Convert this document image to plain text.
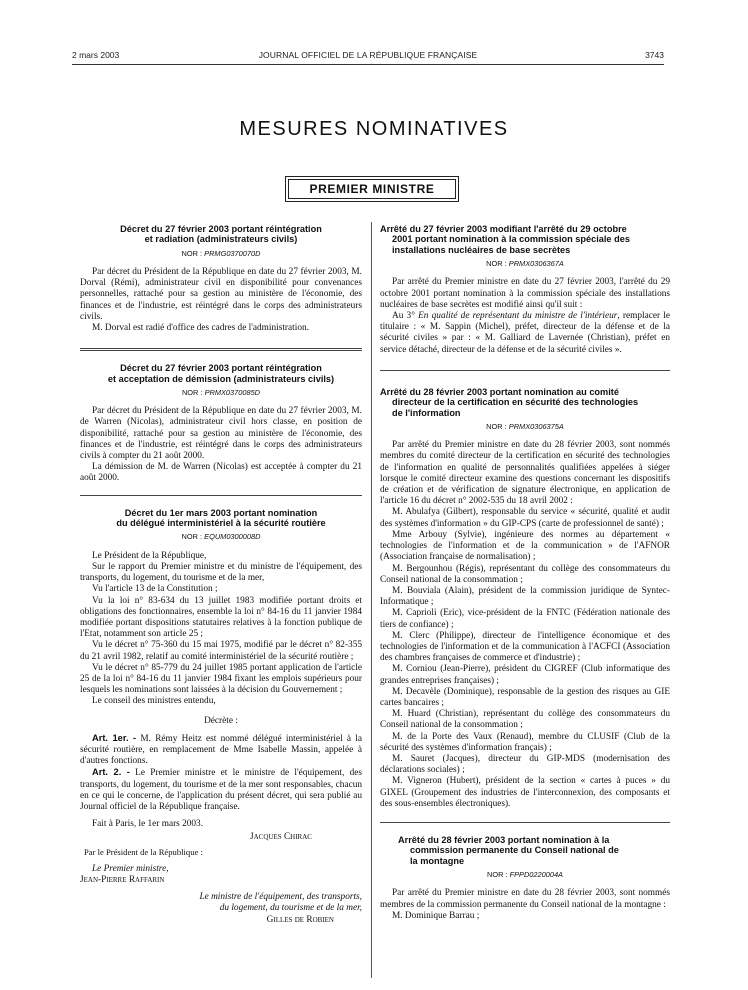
2 mars 2003	JOURNAL OFFICIEL DE LA RÉPUBLIQUE FRANÇAISE	3743
MESURES NOMINATIVES
PREMIER MINISTRE
Décret du 27 février 2003 portant réintégration
et radiation (administrateurs civils)
NOR : PRMG0370070D

Par décret du Président de la République en date du 27 février 2003, M. Dorval (Rémi), administrateur civil en disponibilité pour convenances personnelles, rattaché pour sa gestion au ministère de l'économie, des finances et de l'industrie, est réintégré dans le corps des administrateurs civils.

M. Dorval est radié d'office des cadres de l'administration.

Décret du 27 février 2003 portant réintégration
et acceptation de démission (administrateurs civils)
NOR : PRMX0370085D

Par décret du Président de la République en date du 27 février 2003, M. de Warren (Nicolas), administrateur civil hors classe, en position de disponibilité, rattaché pour sa gestion au ministère de l'économie, des finances et de l'industrie, est réintégré dans le corps des administrateurs civils à compter du 21 août 2000.

La démission de M. de Warren (Nicolas) est acceptée à compter du 21 août 2000.

Décret du 1er mars 2003 portant nomination
du délégué interministériel à la sécurité routière
NOR : EQUM0300008D

Le Président de la République,

Sur le rapport du Premier ministre et du ministre de l'équipement, des transports, du logement, du tourisme et de la mer,

Vu l'article 13 de la Constitution ;

Vu la loi n° 83-634 du 13 juillet 1983 modifiée portant droits et obligations des fonctionnaires, ensemble la loi n° 84-16 du 11 janvier 1984 modifiée portant dispositions statutaires relatives à la fonction publique de l'Etat, notamment son article 25 ;

Vu le décret n° 75-360 du 15 mai 1975, modifié par le décret n° 82-355 du 21 avril 1982, relatif au comité interministériel de la sécurité routière ;

Vu le décret n° 85-779 du 24 juillet 1985 portant application de l'article 25 de la loi n° 84-16 du 11 janvier 1984 fixant les emplois supérieurs pour lesquels les nominations sont laissées à la décision du Gouvernement ;

Le conseil des ministres entendu,

Décrète :

Art. 1er. - M. Rémy Heitz est nommé délégué interministériel à la sécurité routière, en remplacement de Mme Isabelle Massin, appelée à d'autres fonctions.

Art. 2. - Le Premier ministre et le ministre de l'équipement, des transports, du logement, du tourisme et de la mer sont responsables, chacun en ce qui le concerne, de l'application du présent décret, qui sera publié au Journal officiel de la République française.

Fait à Paris, le 1er mars 2003.

Jacques Chirac

Par le Président de la République :

Le Premier ministre,

Jean-Pierre Raffarin

Le ministre de l'équipement, des transports,

du logement, du tourisme et de la mer,

Gilles de Robien

Arrêté du 27 février 2003 modifiant l'arrêté du 29 octobre
2001 portant nomination à la commission spéciale des
installations nucléaires de base secrètes
NOR : PRMX0306367A

Par arrêté du Premier ministre en date du 27 février 2003, l'arrêté du 29 octobre 2001 portant nomination à la commission spéciale des installations nucléaires de base secrètes est modifié ainsi qu'il suit :

Au 3° En qualité de représentant du ministre de l'intérieur, remplacer le titulaire : « M. Sappin (Michel), préfet, directeur de la défense et de la sécurité civiles » par : « M. Galliard de Lavernée (Christian), préfet en service détaché, directeur de la défense et de la sécurité civiles ».

Arrêté du 28 février 2003 portant nomination au comité
directeur de la certification en sécurité des technologies
de l'information
NOR : PRMX0306375A

Par arrêté du Premier ministre en date du 28 février 2003, sont nommés membres du comité directeur de la certification en sécurité des technologies de l'information en qualité de personnalités qualifiées appelées à siéger lorsque le comité directeur examine des questions concernant les dispositifs de création et de vérification de signature électronique, en application de l'article 16 du décret n° 2002-535 du 18 avril 2002 :

M. Abulafya (Gilbert), responsable du service « sécurité, qualité et audit des systèmes d'information » du GIP-CPS (carte de professionnel de santé) ;

Mme Arbouy (Sylvie), ingénieure des normes au département « technologies de l'information et de la communication » de l'AFNOR (Association française de normalisation) ;

M. Bergounhou (Régis), représentant du collège des consommateurs du Conseil national de la consommation ;

M. Bouviala (Alain), président de la commission juridique de Syntec-Informatique ;

M. Caprioli (Eric), vice-président de la FNTC (Fédération nationale des tiers de confiance) ;

M. Clerc (Philippe), directeur de l'intelligence économique et des technologies de l'information et de la communication à l'ACFCI (Association des chambres françaises de commerce et d'industrie) ;

M. Corniou (Jean-Pierre), président du CIGREF (Club informatique des grandes entreprises françaises) ;

M. Decavèle (Dominique), responsable de la gestion des risques au GIE cartes bancaires ;

M. Huard (Christian), représentant du collège des consommateurs du Conseil national de la consommation ;

M. de la Porte des Vaux (Renaud), membre du CLUSIF (Club de la sécurité des systèmes d'information français) ;

M. Sauret (Jacques), directeur du GIP-MDS (modernisation des déclarations sociales) ;

M. Vigneron (Hubert), président de la section « cartes à puces » du GIXEL (Groupement des industries de l'interconnexion, des composants et des sous-ensembles électroniques).

Arrêté du 28 février 2003 portant nomination à la
commission permanente du Conseil national de
la montagne
NOR : FPPD0220004A

Par arrêté du Premier ministre en date du 28 février 2003, sont nommés membres de la commission permanente du Conseil national de la montagne :

M. Dominique Barrau ;
